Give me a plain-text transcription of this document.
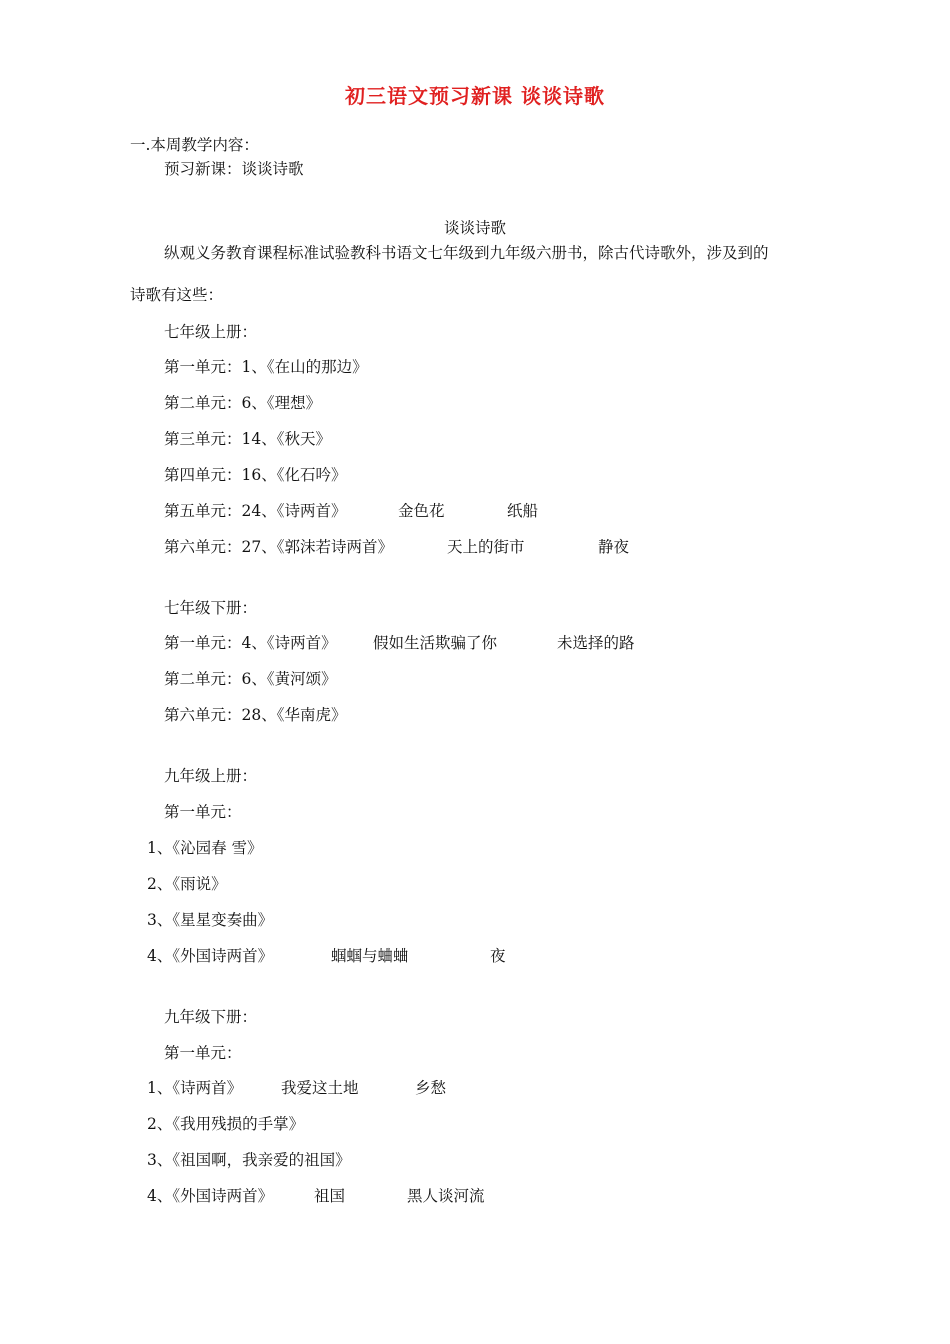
初三语文预习新课 谈谈诗歌
一.本周教学内容：
预习新课：谈谈诗歌
谈谈诗歌
纵观义务教育课程标准试验教科书语文七年级到九年级六册书，除古代诗歌外，涉及到的
诗歌有这些：
七年级上册：
第一单元：1、《在山的那边》
第二单元：6、《理想》
第三单元：14、《秋天》
第四单元：16、《化石吟》
第五单元：24、《诗两首》	金色花	纸船
第六单元：27、《郭沫若诗两首》	天上的街市	静夜
七年级下册：
第一单元：4、《诗两首》 假如生活欺骗了你	未选择的路
第二单元：6、《黄河颂》
第六单元：28、《华南虎》
九年级上册：
第一单元：
1、《沁园春 雪》
2、《雨说》
3、《星星变奏曲》
4、《外国诗两首》	蝈蝈与蛐蛐	夜
九年级下册：
第一单元：
1、《诗两首》	我爱这土地	乡愁
2、《我用残损的手掌》
3、《祖国啊，我亲爱的祖国》
4、《外国诗两首》	祖国	黑人谈河流
